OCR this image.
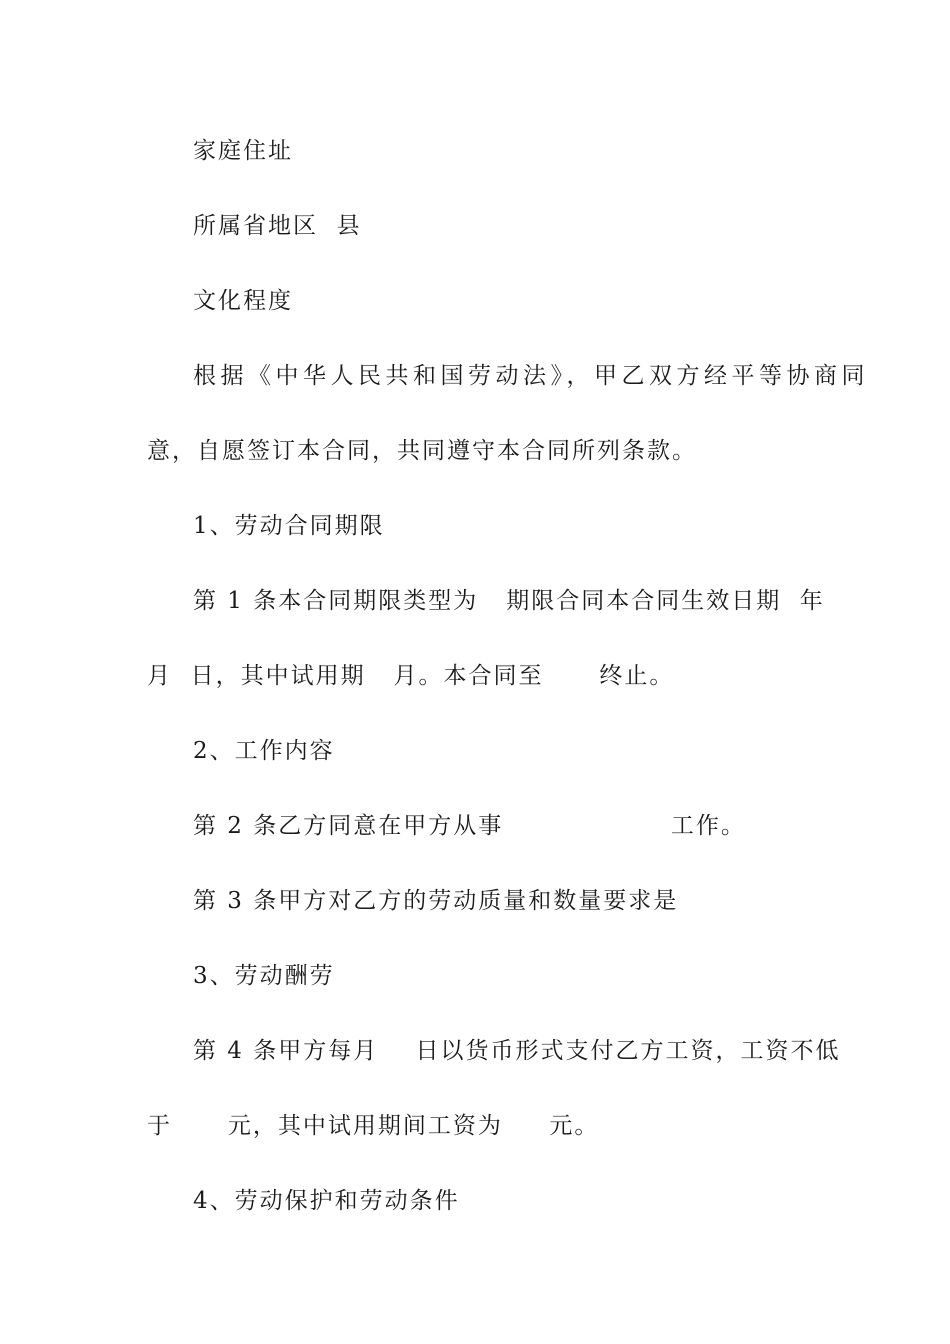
家庭住址
所属省地区  县
文化程度
根据《中华人民共和国劳动法》，甲乙双方经平等协商同
意，自愿签订本合同，共同遵守本合同所列条款。
1、劳动合同期限
第 1 条本合同期限类型为   期限合同本合同生效日期  年
月  日，其中试用期   月。本合同至      终止。
2、工作内容
第 2 条乙方同意在甲方从事                  工作。
第 3 条甲方对乙方的劳动质量和数量要求是
3、劳动酬劳
第 4 条甲方每月    日以货币形式支付乙方工资，工资不低
于      元，其中试用期间工资为     元。
4、劳动保护和劳动条件
